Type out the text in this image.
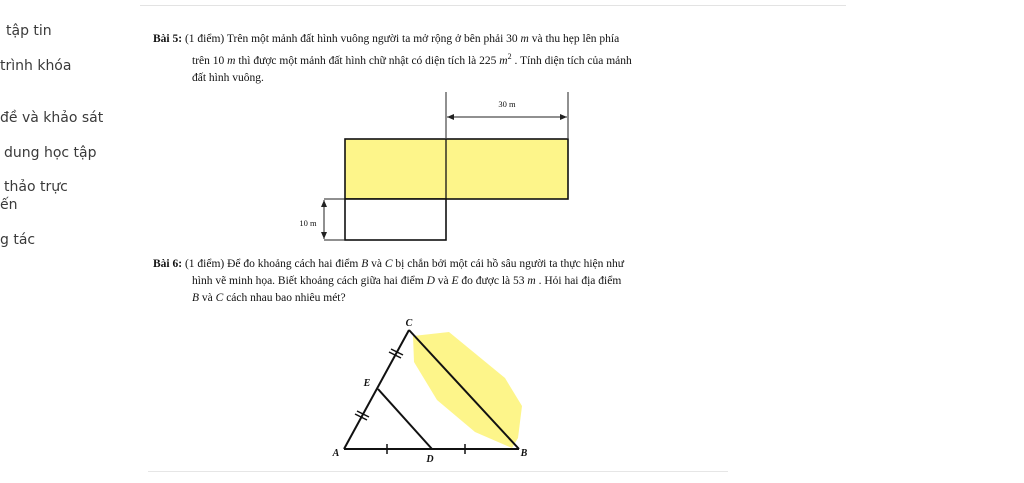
tập tin
trình khóa
đề và khảo sát
dung học tập
thảo trực
ến
g tác
Bài 5: (1 điểm) Trên một mảnh đất hình vuông người ta mở rộng ở bên phải 30 m và thu hẹp lên phía
trên 10 m thì được một mảnh đất hình chữ nhật có diện tích là 225 $m^2$ . Tính diện tích của mảnh
đất hình vuông.
30 m
10 m
Bài 6: (1 điểm) Để đo khoảng cách hai điểm B và C bị chắn bởi một cái hồ sâu người ta thực hiện như
hình vẽ minh họa. Biết khoảng cách giữa hai điểm D và E đo được là 53 m . Hỏi hai địa điểm
B và C cách nhau bao nhiêu mét?
C
E
A
D
B
